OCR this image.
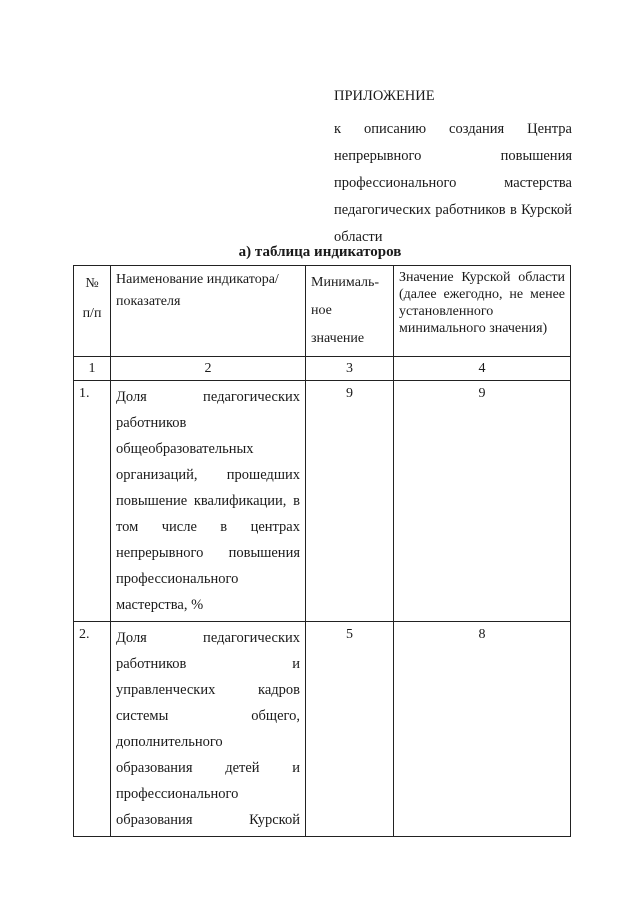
ПРИЛОЖЕНИЕ
к описанию создания Центра непрерывного повышения профессионального мастерства педагогических работников в Курской области
а) таблица индикаторов
№ п/п	Наименование индикатора/показателя	Минималь-ное значение	Значение Курской области (далее ежегодно, не менее установленного минимального значения)
1	2	3	4
1.	Доля педагогических работников общеобразовательных организаций, прошедших повышение квалификации, в том числе в центрах непрерывного повышения профессионального мастерства, %	9	9
2.	Доля педагогических работников и управленческих кадров системы общего, дополнительного образования детей и профессионального образования Курской	5	8
